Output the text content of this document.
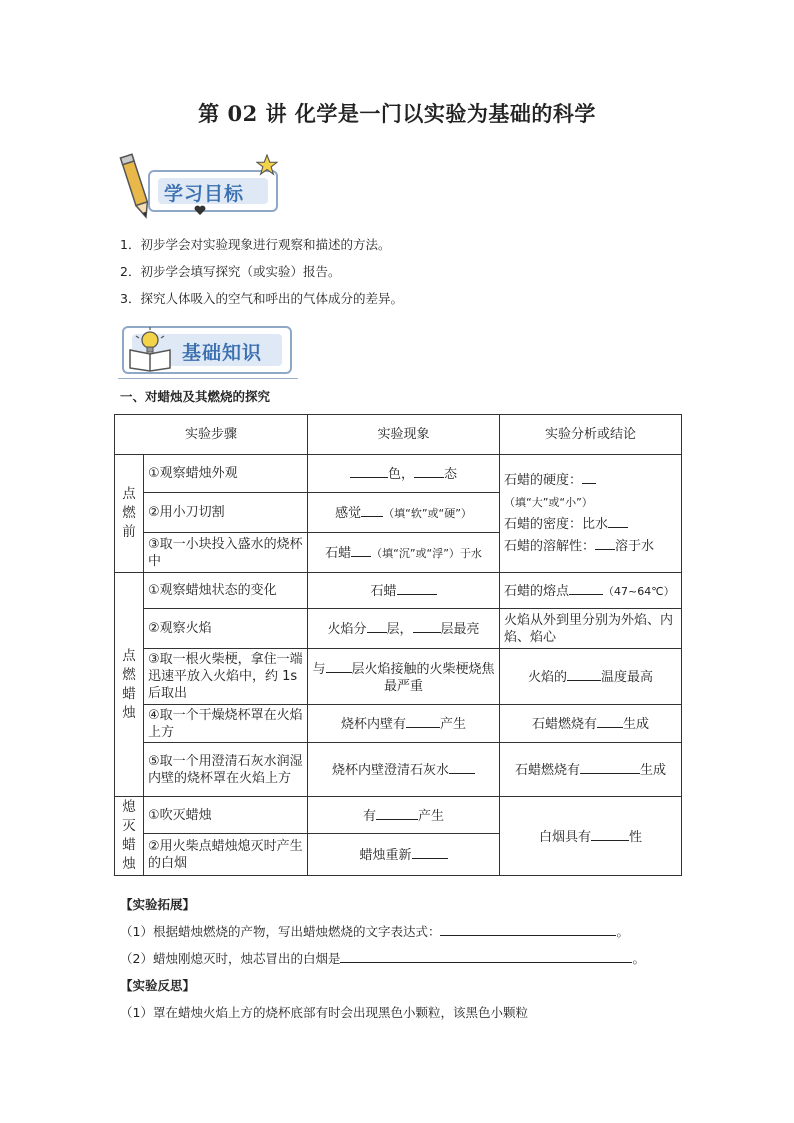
第 02 讲 化学是一门以实验为基础的科学
学习目标
1．初步学会对实验现象进行观察和描述的方法。
2．初步学会填写探究（或实验）报告。
3．探究人体吸入的空气和呼出的气体成分的差异。
基础知识
一、对蜡烛及其燃烧的探究
实验步骤		实验现象	实验分析或结论
点燃前	①观察蜡烛外观	色， 态	石蜡的硬度：（填“大”或“小”）
石蜡的密度：比水
石蜡的溶解性： 溶于水

	②用小刀切割	感觉 （填“软”或“硬”）	
	③取一小块投入盛水的烧杯中	石蜡 （填“沉”或“浮”）于水	
点燃蜡烛	①观察蜡烛状态的变化	石蜡	石蜡的熔点 （47~64℃）
	②观察火焰	火焰分 层， 层最亮	火焰从外到里分别为外焰、内焰、焰心
	③取一根火柴梗，拿住一端迅速平放入火焰中，约 1s 后取出	与 层火焰接触的火柴梗烧焦最严重	火焰的 温度最高
	④取一个干燥烧杯罩在火焰上方	烧杯内壁有 产生	石蜡燃烧有 生成
	⑤取一个用澄清石灰水润湿内壁的烧杯罩在火焰上方	烧杯内壁澄清石灰水	石蜡燃烧有 生成
熄灭蜡烛	①吹灭蜡烛	有 产生	白烟具有 性
	②用火柴点蜡烛熄灭时产生的白烟	蜡烛重新	
【实验拓展】
（1）根据蜡烛燃烧的产物，写出蜡烛燃烧的文字表达式：	。
（2）蜡烛刚熄灭时，烛芯冒出的白烟是	。
【实验反思】
（1）罩在蜡烛火焰上方的烧杯底部有时会出现黑色小颗粒，该黑色小颗粒
